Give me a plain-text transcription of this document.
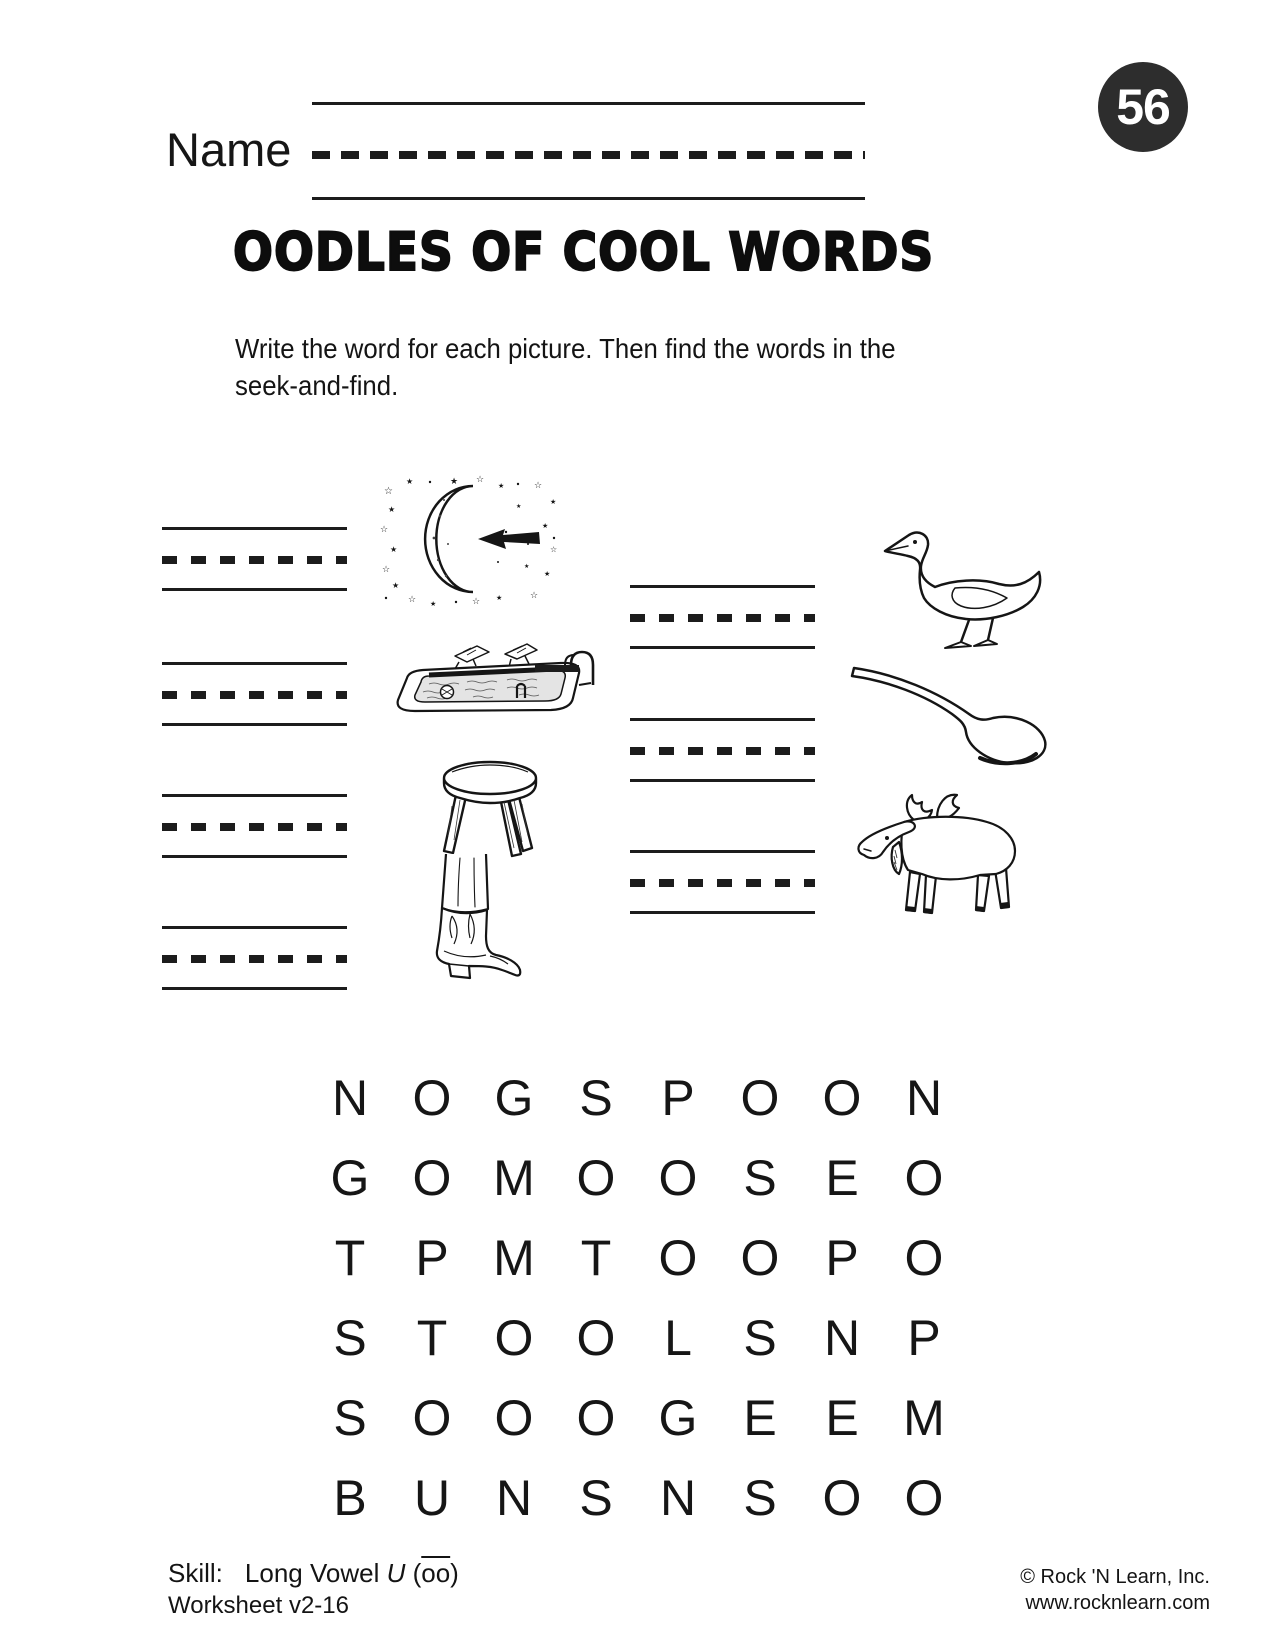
56
Name
OODLES OF COOL WORDS
Write the word for each picture. Then find the words in the
seek-and-find.
☆
★	★ ☆
★	☆
★
★
☆
★
☆
★
☆ ★	☆ ★	☆
★
☆
★
★
★
N O G S P O O N
G O M O O S E O
T	P M T O O P O
S	T O O L	S N P
S O O O G E E M
B U N S N S O O
Skill: Long Vowel U $(\overline{oo})$
Worksheet v2-16
© Rock 'N Learn, Inc.
www.rocknlearn.com
